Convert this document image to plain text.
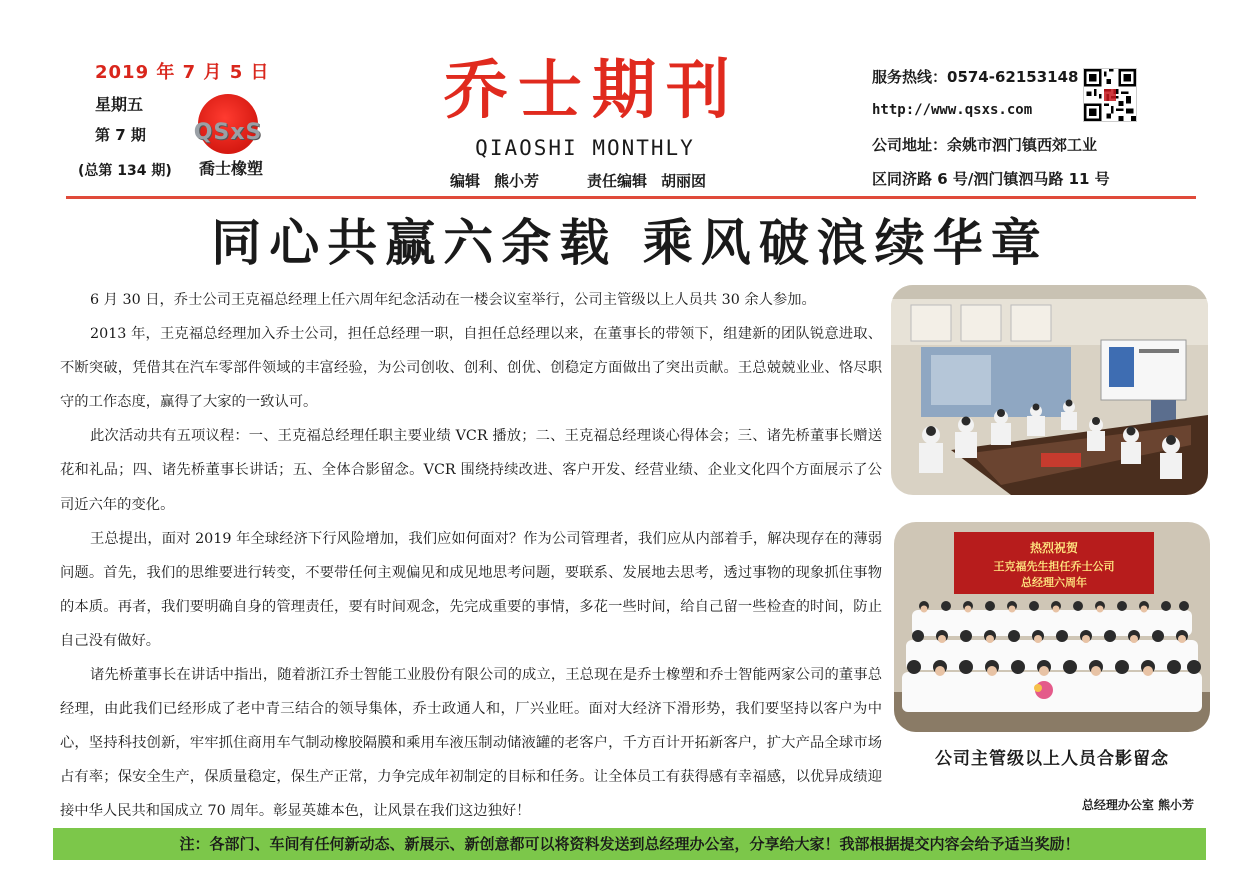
2019 年 7 月 5 日
星期五
第 7 期
(总第 134 期)
QSxS
喬士橡塑
乔士期刊
QIAOSHI MONTHLY
编辑 熊小芳	责任编辑 胡丽囡
服务热线：0574-62153148
http://www.qsxs.com
公司地址：余姚市泗门镇西郊工业
区同济路 6 号/泗门镇泗马路 11 号
同心共赢六余载 乘风破浪续华章

6 月 30 日，乔士公司王克福总经理上任六周年纪念活动在一楼会议室举行，公司主管级以上人员共 30 余人参加。

2013 年，王克福总经理加入乔士公司，担任总经理一职，自担任总经理以来，在董事长的带领下，组建新的团队锐意进取、不断突破，凭借其在汽车零部件领域的丰富经验，为公司创收、创利、创优、创稳定方面做出了突出贡献。王总兢兢业业、恪尽职守的工作态度，赢得了大家的一致认可。

此次活动共有五项议程：一、王克福总经理任职主要业绩 VCR 播放；二、王克福总经理谈心得体会；三、诸先桥董事长赠送花和礼品；四、诸先桥董事长讲话；五、全体合影留念。VCR 围绕持续改进、客户开发、经营业绩、企业文化四个方面展示了公司近六年的变化。

王总提出，面对 2019 年全球经济下行风险增加，我们应如何面对？作为公司管理者，我们应从内部着手，解决现存在的薄弱问题。首先，我们的思维要进行转变，不要带任何主观偏见和成见地思考问题，要联系、发展地去思考，透过事物的现象抓住事物的本质。再者，我们要明确自身的管理责任，要有时间观念，先完成重要的事情，多花一些时间，给自己留一些检查的时间，防止自己没有做好。

诸先桥董事长在讲话中指出，随着浙江乔士智能工业股份有限公司的成立，王总现在是乔士橡塑和乔士智能两家公司的董事总经理，由此我们已经形成了老中青三结合的领导集体，乔士政通人和，厂兴业旺。面对大经济下滑形势，我们要坚持以客户为中心，坚持科技创新，牢牢抓住商用车气制动橡胶隔膜和乘用车液压制动储液罐的老客户，千方百计开拓新客户，扩大产品全球市场占有率；保安全生产，保质量稳定，保生产正常，力争完成年初制定的目标和任务。让全体员工有获得感有幸福感，以优异成绩迎接中华人民共和国成立 70 周年。彰显英雄本色，让风景在我们这边独好！

热烈祝贺
王克福先生担任乔士公司
总经理六周年
公司主管级以上人员合影留念
总经理办公室 熊小芳
注：各部门、车间有任何新动态、新展示、新创意都可以将资料发送到总经理办公室，分享给大家！我部根据提交内容会给予适当奖励！
